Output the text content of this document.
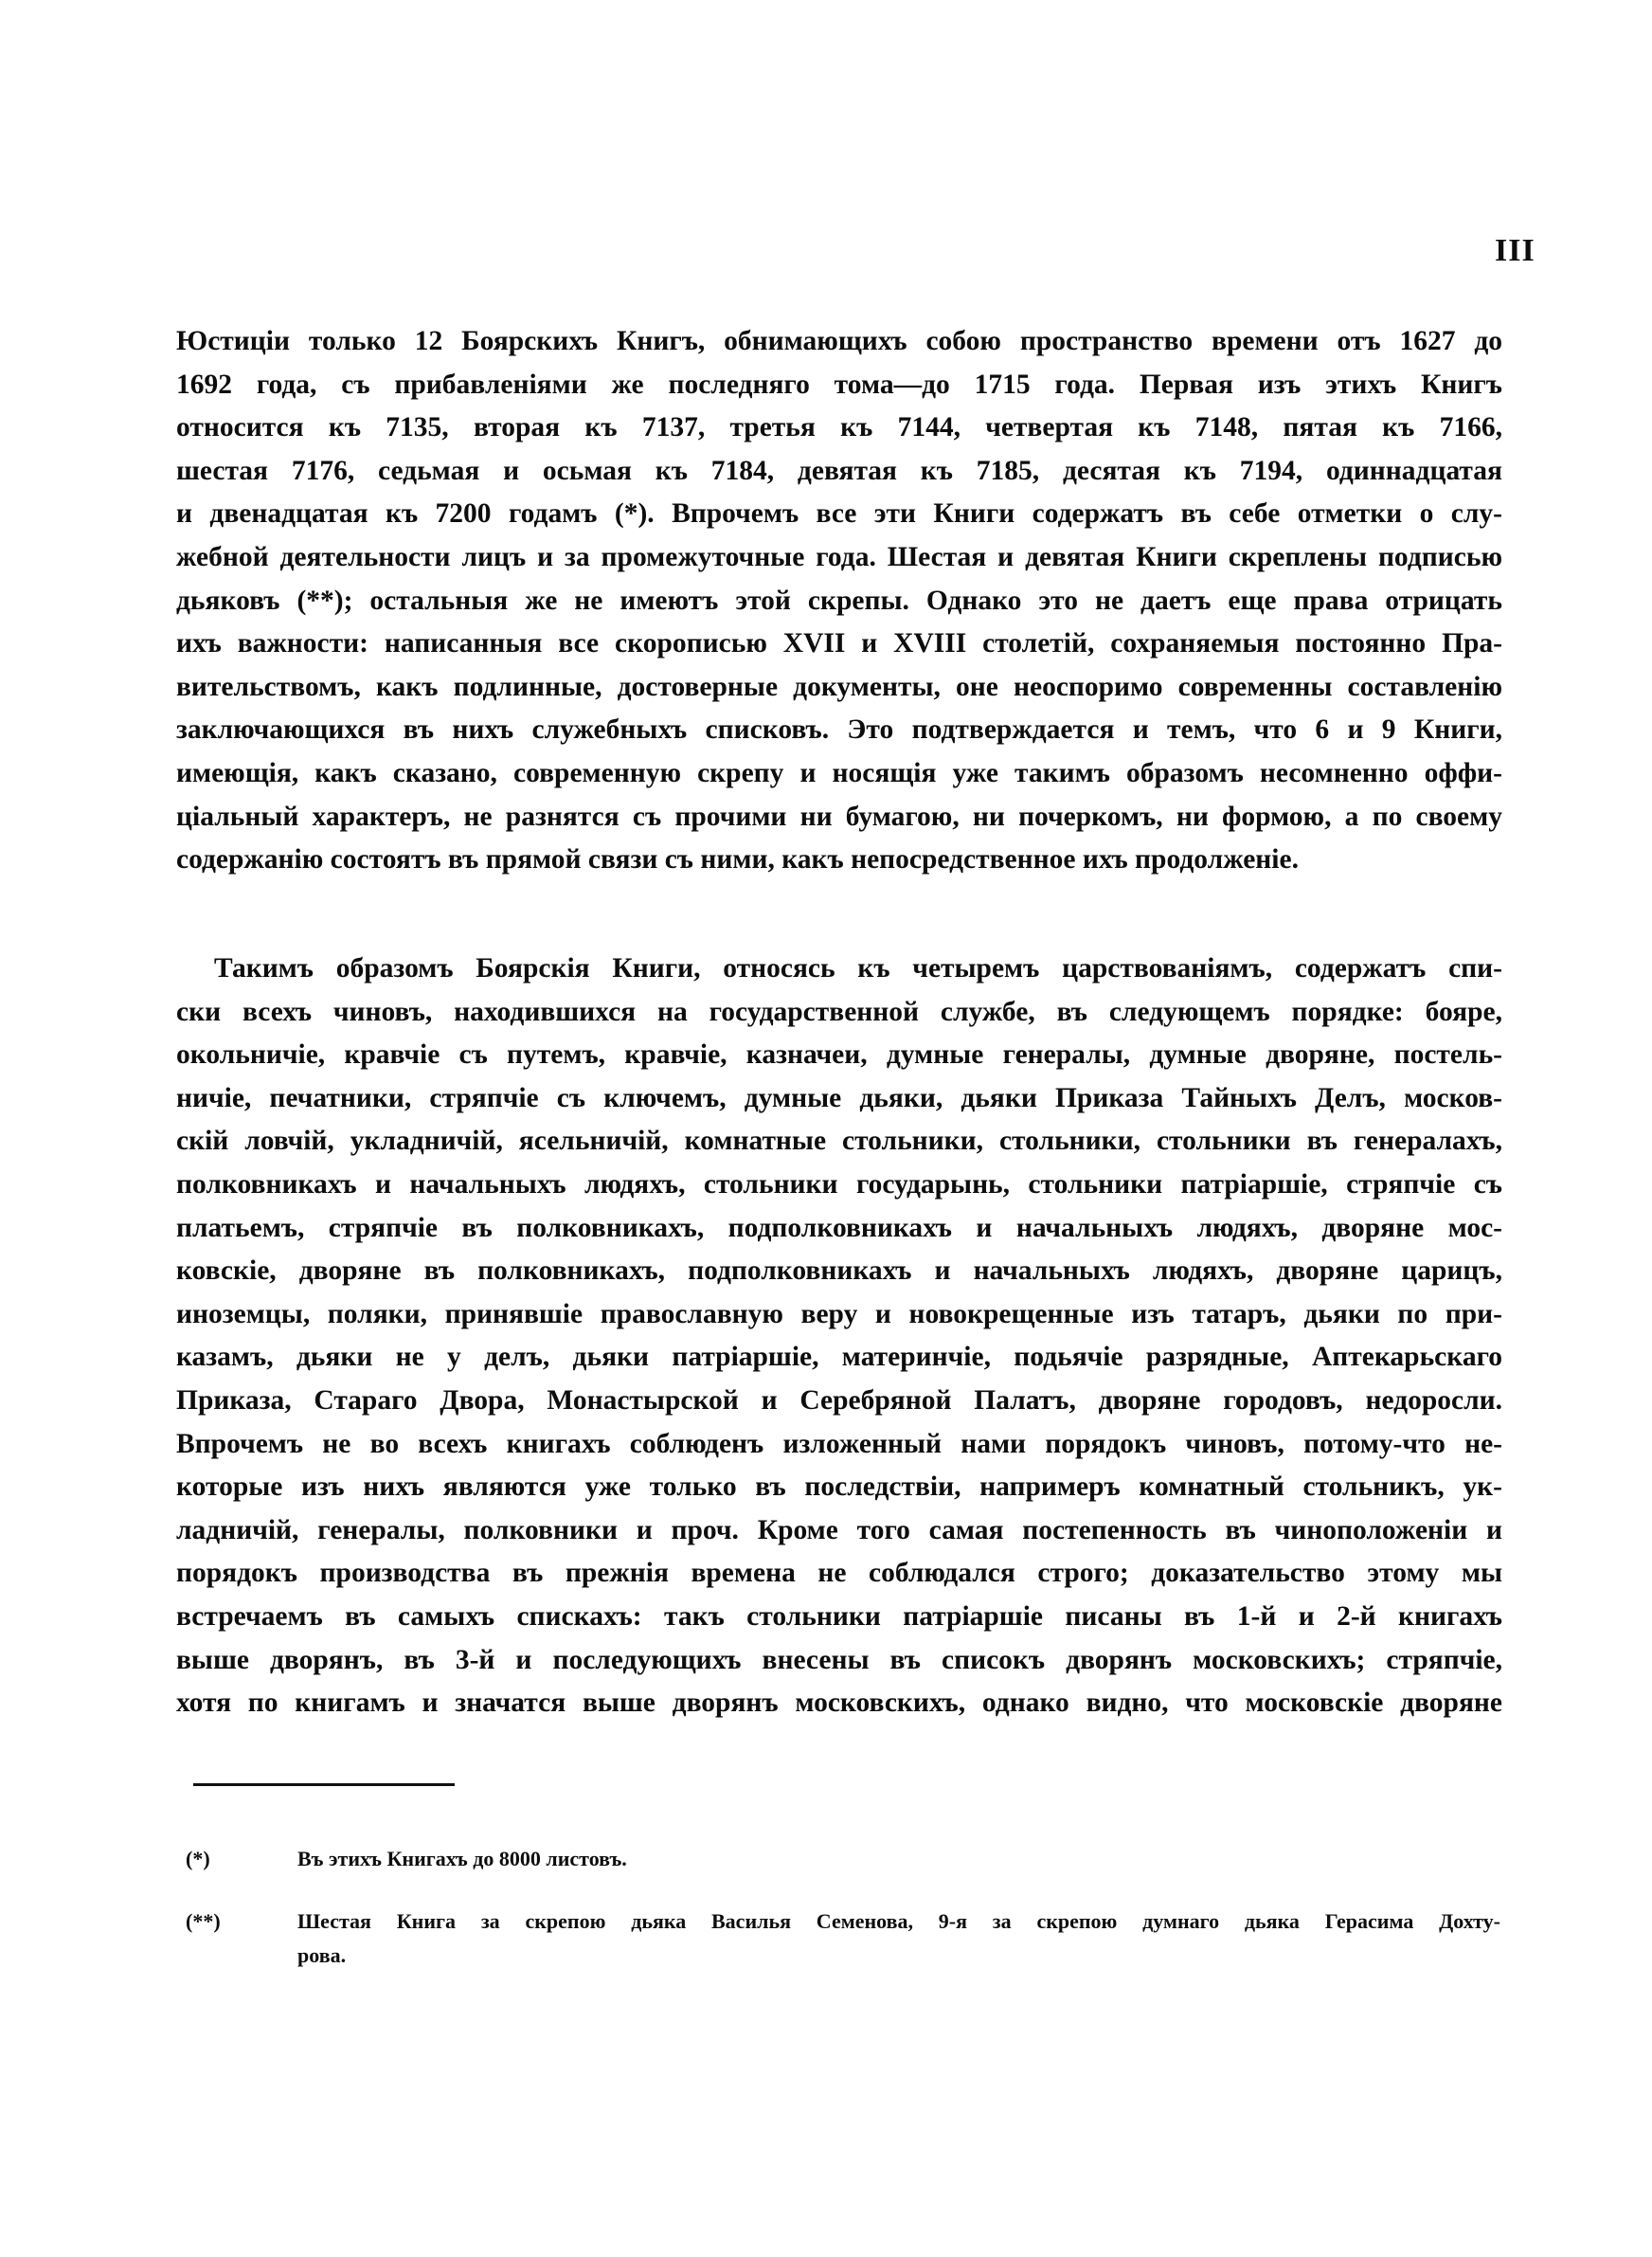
III
Юстицiи только 12 Боярскихъ Книгъ, обнимающихъ собою пространство времени отъ 1627 до
1692 года, съ прибавленiями же последняго тома—до 1715 года. Первая изъ этихъ Книгъ
относится къ 7135, вторая къ 7137, третья къ 7144, четвертая къ 7148, пятая къ 7166,
шестая 7176, седьмая и осьмая къ 7184, девятая къ 7185, десятая къ 7194, одиннадцатая
и двенадцатая къ 7200 годамъ (*). Впрочемъ все эти Книги содержатъ въ себе отметки о слу-
жебной деятельности лицъ и за промежуточные года. Шестая и девятая Книги скреплены подписью
дьяковъ (**); остальныя же не имеютъ этой скрепы. Однако это не даетъ еще права отрицать
ихъ важности: написанныя все скорописью XVII и XVIII столетiй, сохраняемыя постоянно Пра-
вительствомъ, какъ подлинные, достоверные документы, оне неоспоримо современны составленiю
заключающихся въ нихъ служебныхъ списковъ. Это подтверждается и темъ, что 6 и 9 Книги,
имеющiя, какъ сказано, современную скрепу и носящiя уже такимъ образомъ несомненно оффи-
цiальный характеръ, не разнятся съ прочими ни бумагою, ни почеркомъ, ни формою, а по своему
содержанiю состоятъ въ прямой связи съ ними, какъ непосредственное ихъ продолженiе.
Такимъ образомъ Боярскiя Книги, относясь къ четыремъ царствованiямъ, содержатъ спи-
ски всехъ чиновъ, находившихся на государственной службе, въ следующемъ порядке: бояре,
окольничiе, кравчiе съ путемъ, кравчiе, казначеи, думные генералы, думные дворяне, постель-
ничiе, печатники, стряпчiе съ ключемъ, думные дьяки, дьяки Приказа Тайныхъ Делъ, москов-
скiй ловчiй, укладничiй, ясельничiй, комнатные стольники, стольники, стольники въ генералахъ,
полковникахъ и начальныхъ людяхъ, стольники государынь, стольники патрiаршiе, стряпчiе съ
платьемъ, стряпчiе въ полковникахъ, подполковникахъ и начальныхъ людяхъ, дворяне мос-
ковскiе, дворяне въ полковникахъ, подполковникахъ и начальныхъ людяхъ, дворяне царицъ,
иноземцы, поляки, принявшiе православную веру и новокрещенные изъ татаръ, дьяки по при-
казамъ, дьяки не у делъ, дьяки патрiаршiе, материнчiе, подьячiе разрядные, Аптекарьскаго
Приказа, Стараго Двора, Монастырской и Серебряной Палатъ, дворяне городовъ, недоросли.
Впрочемъ не во всехъ книгахъ соблюденъ изложенный нами порядокъ чиновъ, потому-что не-
которые изъ нихъ являются уже только въ последствiи, напримеръ комнатный стольникъ, ук-
ладничiй, генералы, полковники и проч. Кроме того самая постепенность въ чиноположенiи и
порядокъ производства въ прежнiя времена не соблюдался строго; доказательство этому мы
встречаемъ въ самыхъ спискахъ: такъ стольники патрiаршiе писаны въ 1-й и 2-й книгахъ
выше дворянъ, въ 3-й и последующихъ внесены въ списокъ дворянъ московскихъ; стряпчiе,
хотя по книгамъ и значатся выше дворянъ московскихъ, однако видно, что московскiе дворяне
(*)	Въ этихъ Книгахъ до 8000 листовъ.
(**)	Шестая Книга за скрепою дьяка Василья Семенова, 9-я за скрепою думнаго дьяка Герасима Дохту-
рова.
